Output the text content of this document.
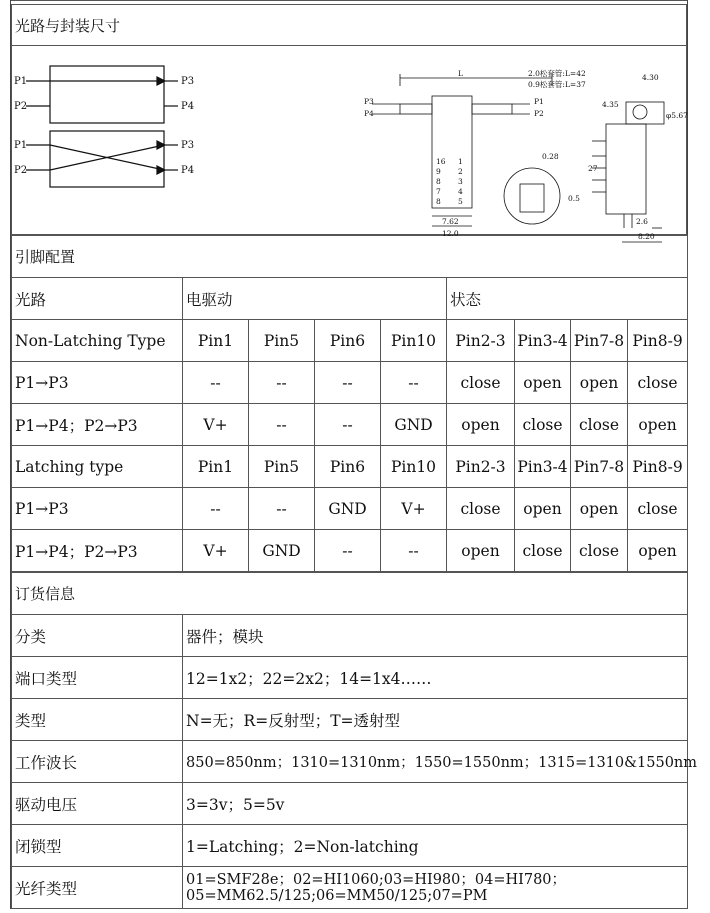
光路与封装尺寸
P1
P2
P3
P4
P1
P2
P3
P4
L	2.0松套管:L=42
0.9松套管:L=37
P3
P4
P1
P2
4.30
4.35
φ5.67
27
0.28
0.5
7.62
12.0
2.6
8.20
16
9
8
7
8
1
2
3
4
5
引脚配置								
光路	电驱动				状态			
Non-Latching Type	Pin1	Pin5	Pin6	Pin10	Pin2-3	Pin3-4	Pin7-8	Pin8-9
P1→P3	--	--	--	--	close	open	open	close
P1→P4；P2→P3	V+	--	--	GND	open	close	close	open
Latching type	Pin1	Pin5	Pin6	Pin10	Pin2-3	Pin3-4	Pin7-8	Pin8-9
P1→P3	--	--	GND	V+	close	open	open	close
P1→P4；P2→P3	V+	GND	--	--	open	close	close	open
订货信息	
分类	器件；模块
端口类型	12=1x2；22=2x2；14=1x4……
类型	N=无；R=反射型；T=透射型
工作波长	850=850nm；1310=1310nm；1550=1550nm；1315=1310&1550nm
驱动电压	3=3v；5=5v
闭锁型	1=Latching；2=Non-latching
光纤类型	01=SMF28e；02=HI1060;03=HI980；04=HI780；05=MM62.5/125;06=MM50/125;07=PM
